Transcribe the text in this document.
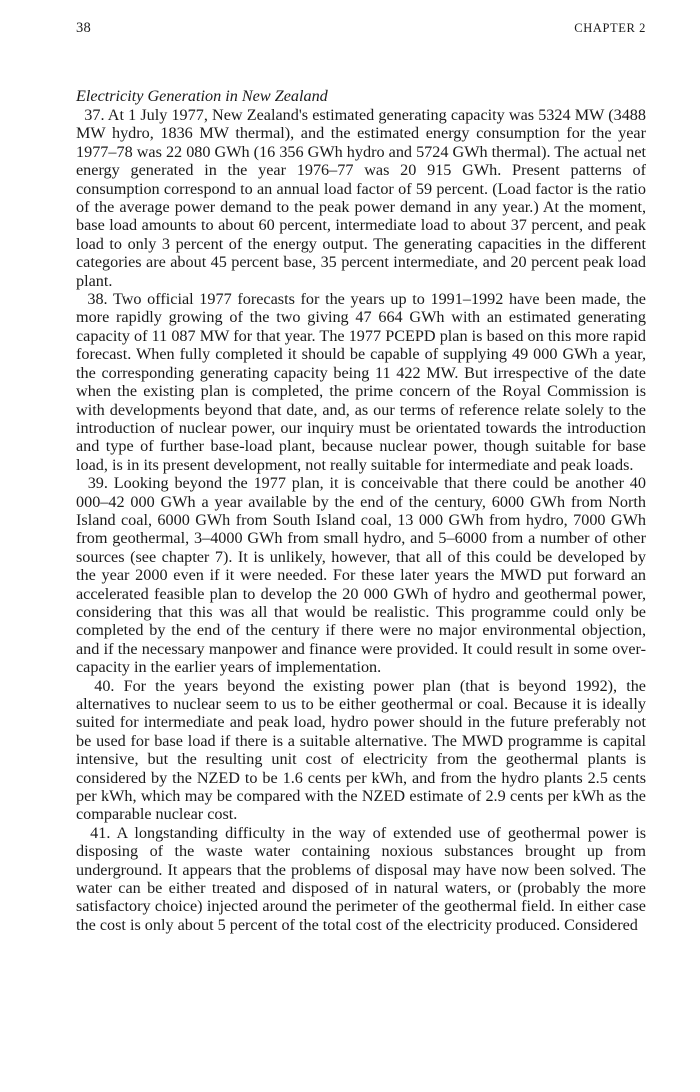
38	CHAPTER 2
Electricity Generation in New Zealand

37. At 1 July 1977, New Zealand's estimated generating capacity was 5324 MW (3488 MW hydro, 1836 MW thermal), and the estimated energy consumption for the year 1977–78 was 22 080 GWh (16 356 GWh hydro and 5724 GWh thermal). The actual net energy generated in the year 1976–77 was 20 915 GWh. Present patterns of consumption correspond to an annual load factor of 59 percent. (Load factor is the ratio of the average power demand to the peak power demand in any year.) At the moment, base load amounts to about 60 percent, intermediate load to about 37 percent, and peak load to only 3 percent of the energy output. The generating capacities in the different categories are about 45 percent base, 35 percent intermediate, and 20 percent peak load plant.

38. Two official 1977 forecasts for the years up to 1991–1992 have been made, the more rapidly growing of the two giving 47 664 GWh with an estimated generating capacity of 11 087 MW for that year. The 1977 PCEPD plan is based on this more rapid forecast. When fully completed it should be capable of supplying 49 000 GWh a year, the corresponding generating capacity being 11 422 MW. But irrespective of the date when the existing plan is completed, the prime concern of the Royal Commission is with developments beyond that date, and, as our terms of reference relate solely to the introduction of nuclear power, our inquiry must be orientated towards the introduction and type of further base-load plant, because nuclear power, though suitable for base load, is in its present development, not really suitable for intermediate and peak loads.

39. Looking beyond the 1977 plan, it is conceivable that there could be another 40 000–42 000 GWh a year available by the end of the century, 6000 GWh from North Island coal, 6000 GWh from South Island coal, 13 000 GWh from hydro, 7000 GWh from geothermal, 3–4000 GWh from small hydro, and 5–6000 from a number of other sources (see chapter 7). It is unlikely, however, that all of this could be developed by the year 2000 even if it were needed. For these later years the MWD put forward an accelerated feasible plan to develop the 20 000 GWh of hydro and geothermal power, considering that this was all that would be realistic. This programme could only be completed by the end of the century if there were no major environmental objection, and if the necessary manpower and finance were provided. It could result in some over-capacity in the earlier years of implementation.

40. For the years beyond the existing power plan (that is beyond 1992), the alternatives to nuclear seem to us to be either geothermal or coal. Because it is ideally suited for intermediate and peak load, hydro power should in the future preferably not be used for base load if there is a suitable alternative. The MWD programme is capital intensive, but the resulting unit cost of electricity from the geothermal plants is considered by the NZED to be 1.6 cents per kWh, and from the hydro plants 2.5 cents per kWh, which may be compared with the NZED estimate of 2.9 cents per kWh as the comparable nuclear cost.

41. A longstanding difficulty in the way of extended use of geothermal power is disposing of the waste water containing noxious substances brought up from underground. It appears that the problems of disposal may have now been solved. The water can be either treated and disposed of in natural waters, or (probably the more satisfactory choice) injected around the perimeter of the geothermal field. In either case the cost is only about 5 percent of the total cost of the electricity produced. Considered
